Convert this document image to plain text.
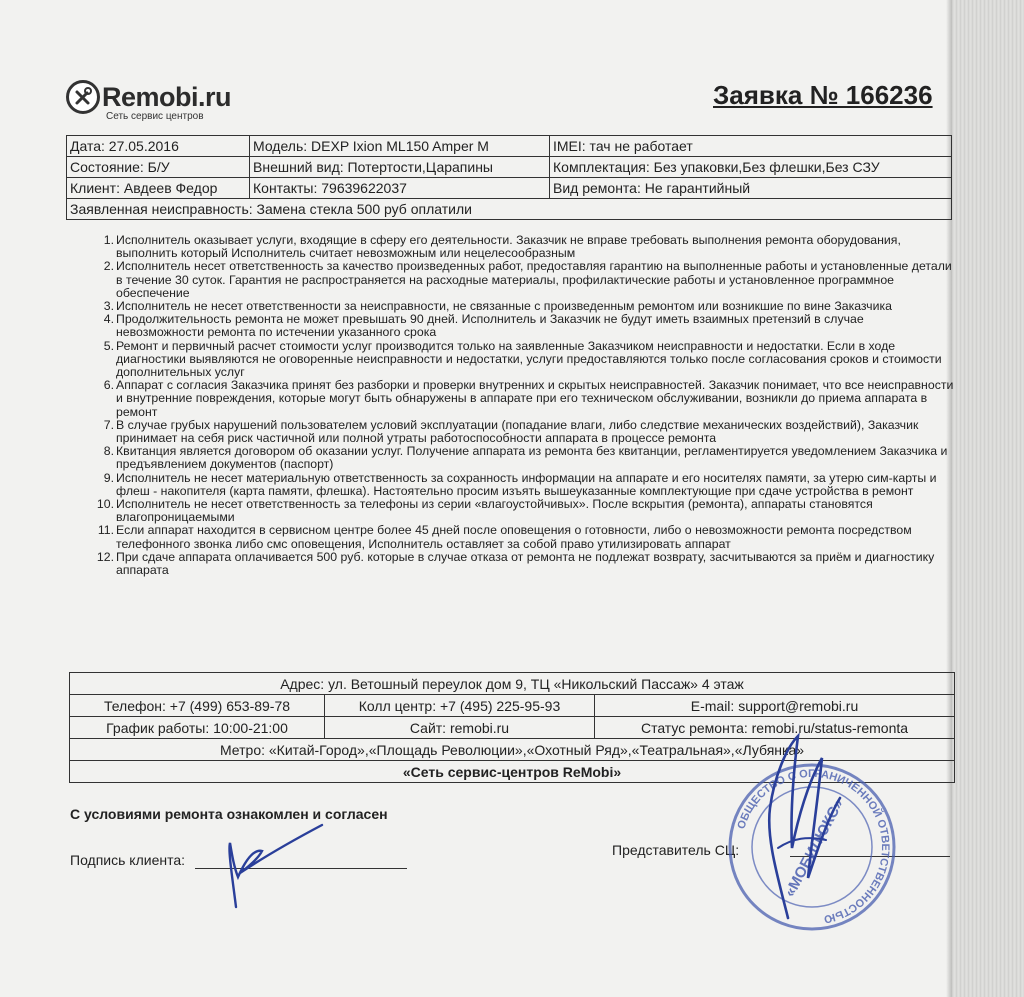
Remobi.ru
Сеть сервис центров
Заявка № 166236
Дата: 27.05.2016	Модель: DEXP Ixion ML150 Amper M	IMEI: тач не работает
Состояние: Б/У	Внешний вид: Потертости,Царапины	Комплектация: Без упаковки,Без флешки,Без СЗУ
Клиент: Авдеев Федор	Контакты: 79639622037	Вид ремонта: Не гарантийный
Заявленная неисправность: Замена стекла 500 руб оплатили		
1. Исполнитель оказывает услуги, входящие в сферу его деятельности. Заказчик не вправе требовать выполнения ремонта оборудования, выполнить который Исполнитель считает невозможным или нецелесообразным
2. Исполнитель несет ответственность за качество произведенных работ, предоставляя гарантию на выполненные работы и установленные детали в течение 30 суток. Гарантия не распространяется на расходные материалы, профилактические работы и установленное программное обеспечение
3. Исполнитель не несет ответственности за неисправности, не связанные с произведенным ремонтом или возникшие по вине Заказчика
4. Продолжительность ремонта не может превышать 90 дней. Исполнитель и Заказчик не будут иметь взаимных претензий в случае невозможности ремонта по истечении указанного срока
5. Ремонт и первичный расчет стоимости услуг производится только на заявленные Заказчиком неисправности и недостатки. Если в ходе диагностики выявляются не оговоренные неисправности и недостатки, услуги предоставляются только после согласования сроков и стоимости дополнительных услуг
6. Аппарат с согласия Заказчика принят без разборки и проверки внутренних и скрытых неисправностей. Заказчик понимает, что все неисправности и внутренние повреждения, которые могут быть обнаружены в аппарате при его техническом обслуживании, возникли до приема аппарата в ремонт
7. В случае грубых нарушений пользователем условий эксплуатации (попадание влаги, либо следствие механических воздействий), Заказчик принимает на себя риск частичной или полной утраты работоспособности аппарата в процессе ремонта
8. Квитанция является договором об оказании услуг. Получение аппарата из ремонта без квитанции, регламентируется уведомлением Заказчика и предъявлением документов (паспорт)
9. Исполнитель не несет материальную ответственность за сохранность информации на аппарате и его носителях памяти, за утерю сим-карты и флеш - накопителя (карта памяти, флешка). Настоятельно просим изъять вышеуказанные комплектующие при сдаче устройства в ремонт
10. Исполнитель не несет ответственность за телефоны из серии «влагоустойчивых». После вскрытия (ремонта), аппараты становятся влагопроницаемыми
11. Если аппарат находится в сервисном центре более 45 дней после оповещения о готовности, либо о невозможности ремонта посредством телефонного звонка либо смс оповещения, Исполнитель оставляет за собой право утилизировать аппарат
12. При сдаче аппарата оплачивается 500 руб. которые в случае отказа от ремонта не подлежат возврату, засчитываются за приём и диагностику аппарата
Адрес: ул. Ветошный переулок дом 9, ТЦ «Никольский Пассаж» 4 этаж		
Телефон: +7 (499) 653-89-78	Колл центр: +7 (495) 225-95-93	E-mail: support@remobi.ru
График работы: 10:00-21:00	Сайт: remobi.ru	Статус ремонта: remobi.ru/status-remonta
Метро: «Китай-Город»,«Площадь Революции»,«Охотный Ряд»,«Театральная»,«Лубянка»		
«Сеть сервис-центров ReMobi»		
С условиями ремонта ознакомлен и согласен
Подпись клиента:
Представитель СЦ:
ОБЩЕСТВО С ОГРАНИЧЕННОЙ ОТВЕТСТВЕННОСТЬЮ
«МОБИЛЮКС»
